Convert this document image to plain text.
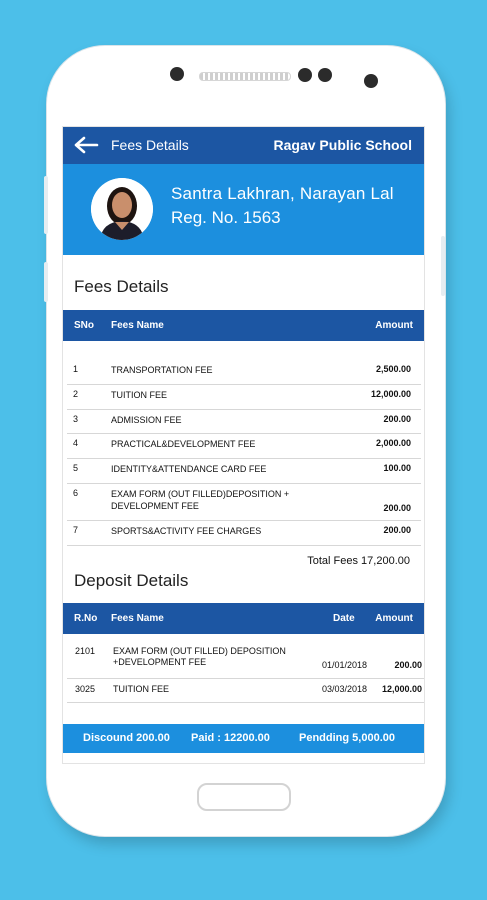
Fees Details	Ragav Public School
Santra Lakhran, Narayan Lal
Reg. No. 1563
Fees Details
SNo Fees Name	Amount
1	TRANSPORTATION FEE	2,500.00
2	TUITION FEE	12,000.00
3	ADMISSION FEE	200.00
4	PRACTICAL&DEVELOPMENT FEE	2,000.00
5	IDENTITY&ATTENDANCE CARD FEE	100.00
6	EXAM FORM (OUT FILLED)DEPOSITION + DEVELOPMENT FEE	200.00
7	SPORTS&ACTIVITY FEE CHARGES	200.00
Total Fees 17,200.00
Deposit Details
R.No Fees Name	Date Amount
2101 EXAM FORM (OUT FILLED) DEPOSITION +DEVELOPMENT FEE	01/01/2018	200.00
3025 TUITION FEE	03/03/2018 12,000.00
Discound 200.00 Paid : 12200.00	Pendding 5,000.00
